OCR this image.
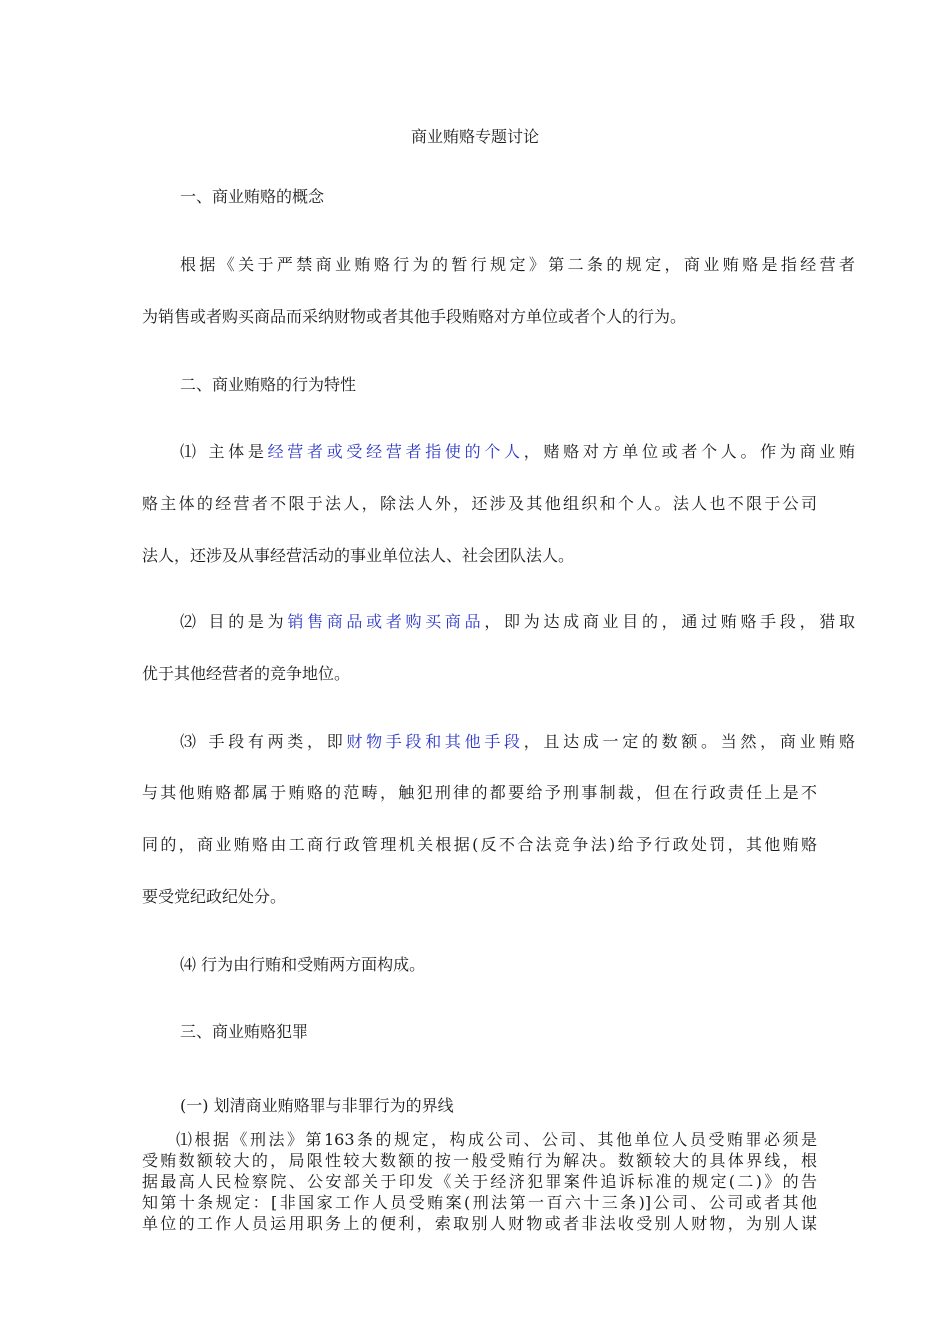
商业贿赂专题讨论
一、商业贿赂的概念
根据《关于严禁商业贿赂行为的暂行规定》第二条的规定，商业贿赂是指经营者
为销售或者购买商品而采纳财物或者其他手段贿赂对方单位或者个人的行为。
二、商业贿赂的行为特性
⑴ 主体是经营者或受经营者指使的个人，赌赂对方单位或者个人。作为商业贿
赂主体的经营者不限于法人，除法人外，还涉及其他组织和个人。法人也不限于公司
法人，还涉及从事经营活动的事业单位法人、社会团队法人。
⑵ 目的是为销售商品或者购买商品，即为达成商业目的，通过贿赂手段，猎取
优于其他经营者的竞争地位。
⑶ 手段有两类，即财物手段和其他手段，且达成一定的数额。当然，商业贿赂
与其他贿赂都属于贿赂的范畴，触犯刑律的都要给予刑事制裁，但在行政责任上是不
同的，商业贿赂由工商行政管理机关根据(反不合法竞争法)给予行政处罚，其他贿赂
要受党纪政纪处分。
⑷ 行为由行贿和受贿两方面构成。
三、商业贿赂犯罪
(一) 划清商业贿赂罪与非罪行为的界线
⑴根据《刑法》第163条的规定，构成公司、公司、其他单位人员受贿罪必须是
受贿数额较大的，局限性较大数额的按一般受贿行为解决。数额较大的具体界线，根
据最高人民检察院、公安部关于印发《关于经济犯罪案件追诉标准的规定(二)》的告
知第十条规定：[非国家工作人员受贿案(刑法第一百六十三条)]公司、公司或者其他
单位的工作人员运用职务上的便利，索取别人财物或者非法收受别人财物，为别人谋
